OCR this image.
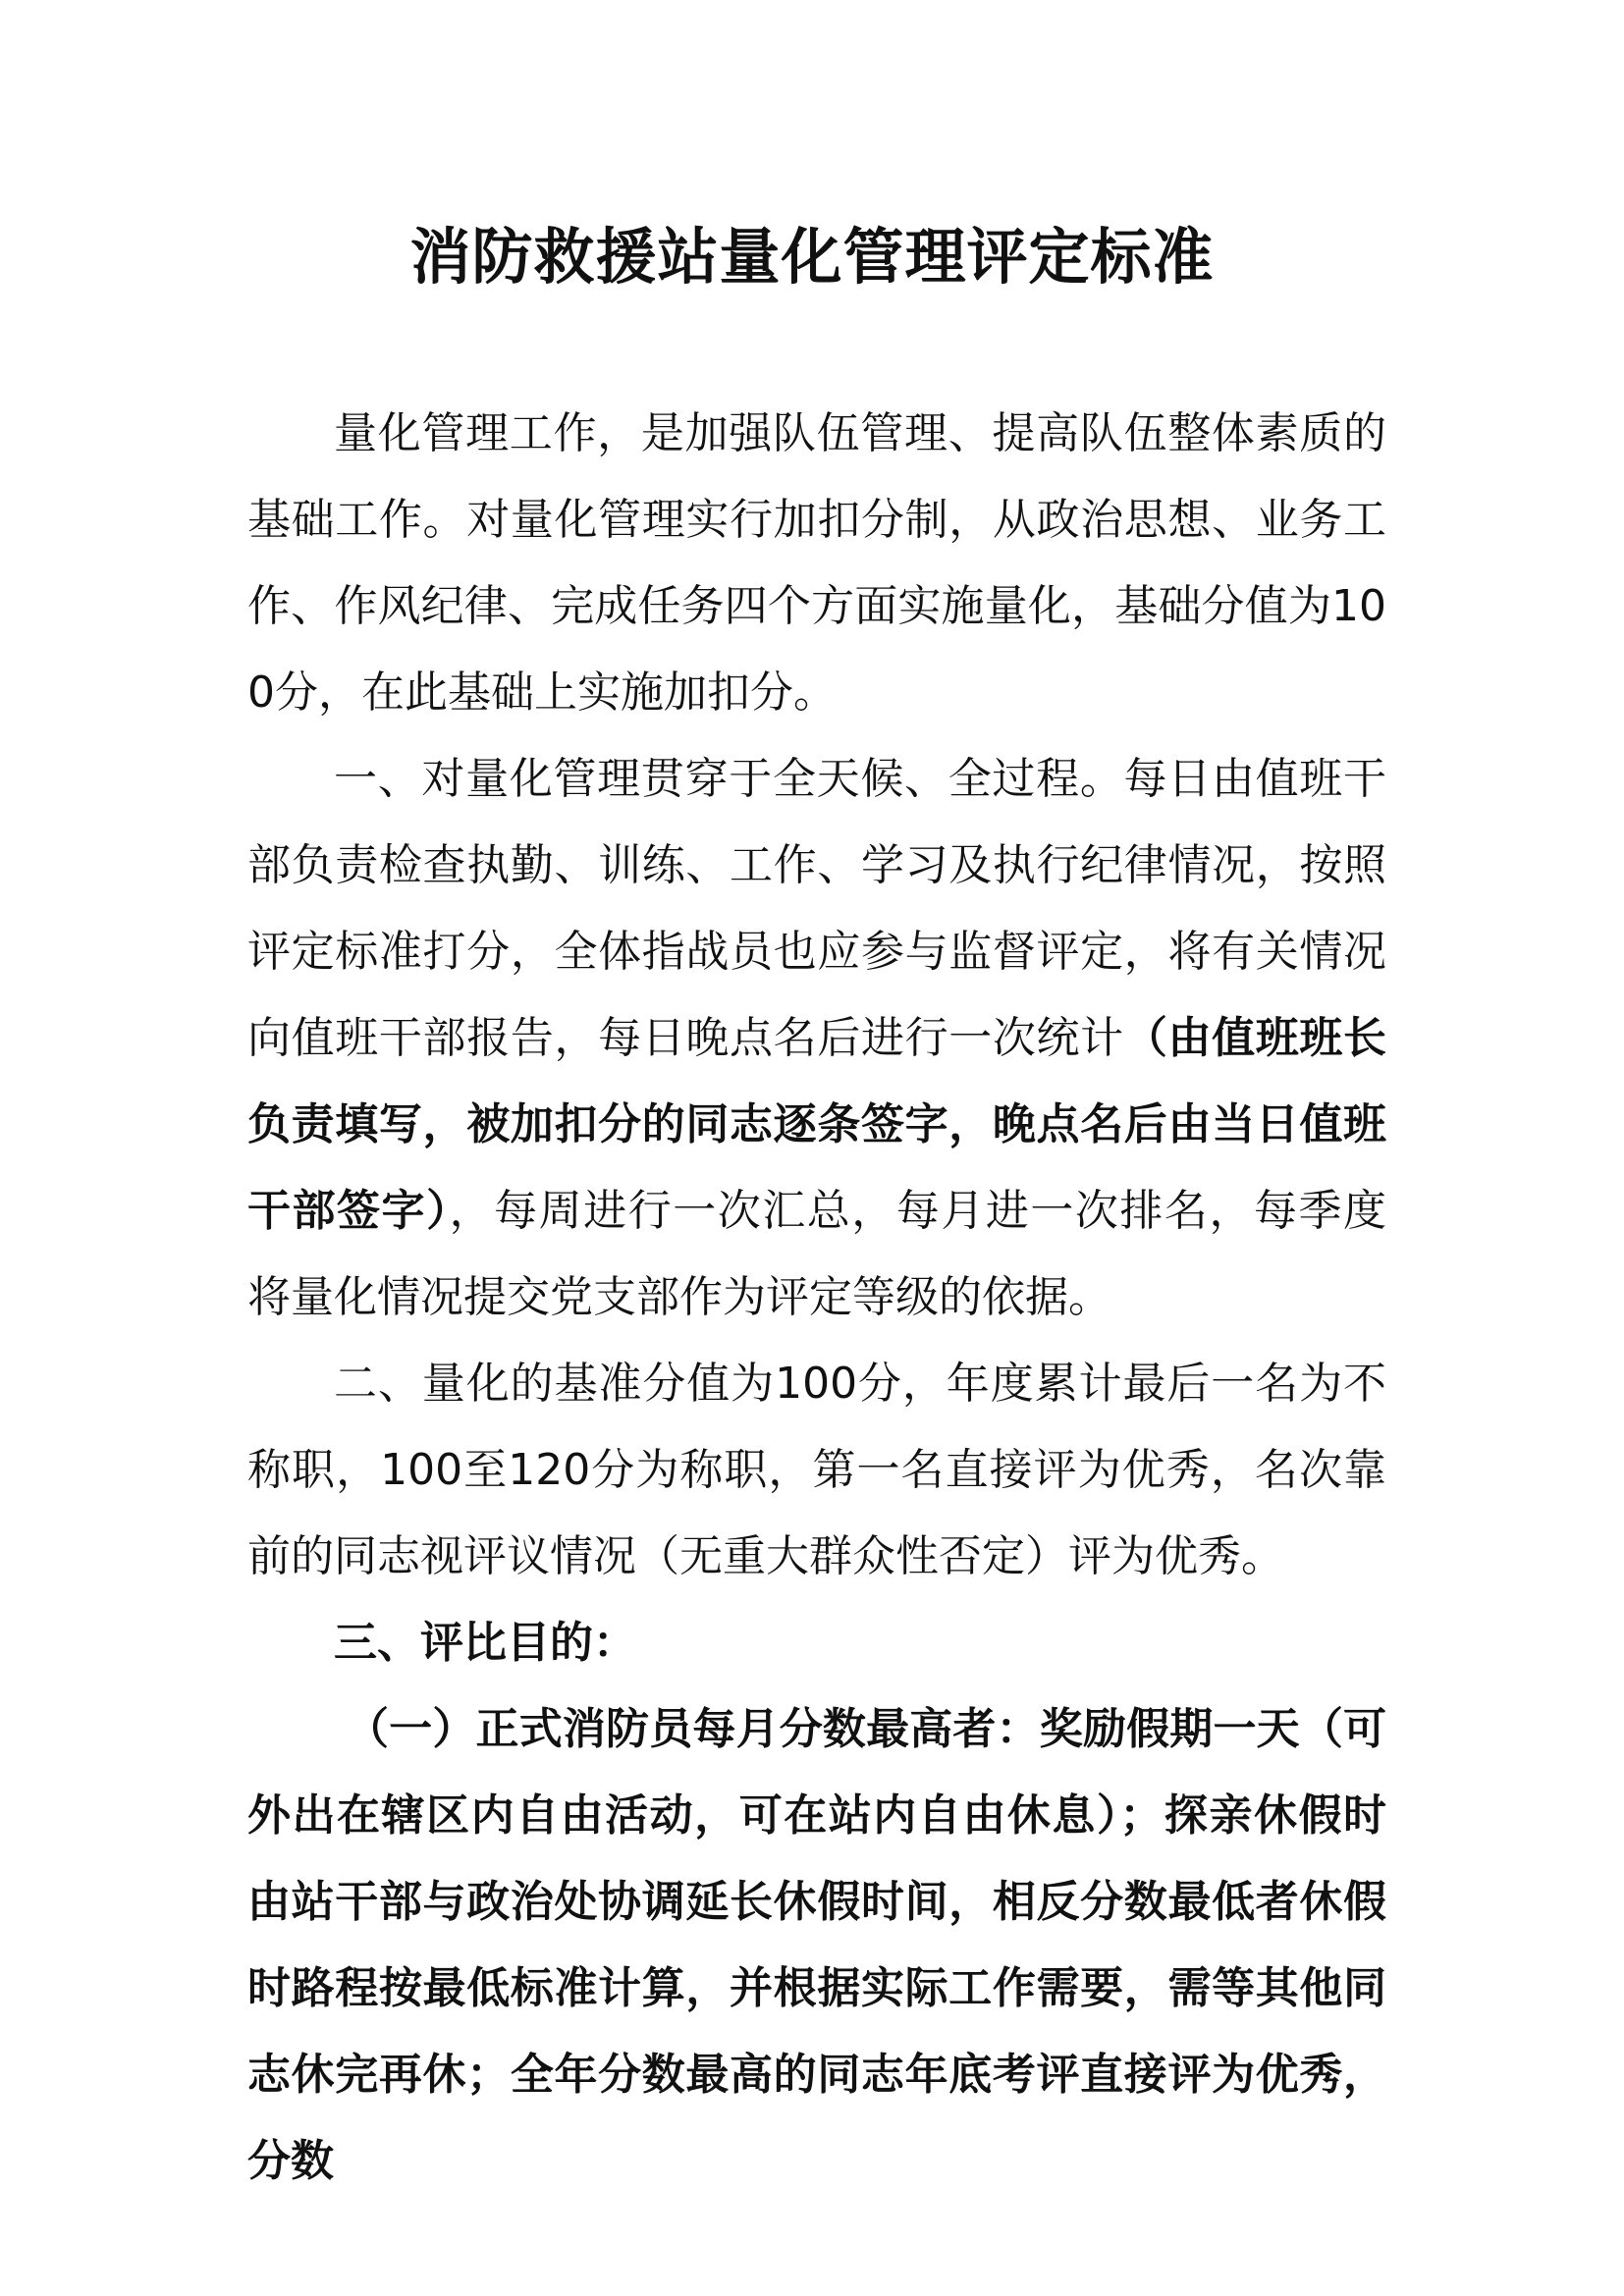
消防救援站量化管理评定标准

量化管理工作，是加强队伍管理、提高队伍整体素质的基础工作。对量化管理实行加扣分制，从政治思想、业务工作、作风纪律、完成任务四个方面实施量化，基础分值为100分，在此基础上实施加扣分。

一、对量化管理贯穿于全天候、全过程。每日由值班干部负责检查执勤、训练、工作、学习及执行纪律情况，按照评定标准打分，全体指战员也应参与监督评定，将有关情况向值班干部报告，每日晚点名后进行一次统计（由值班班长负责填写，被加扣分的同志逐条签字，晚点名后由当日值班干部签字），每周进行一次汇总，每月进一次排名，每季度将量化情况提交党支部作为评定等级的依据。

二、量化的基准分值为100分，年度累计最后一名为不称职，100至120分为称职，第一名直接评为优秀，名次靠前的同志视评议情况（无重大群众性否定）评为优秀。

三、评比目的：

（一）正式消防员每月分数最高者：奖励假期一天（可外出在辖区内自由活动，可在站内自由休息）；探亲休假时由站干部与政治处协调延长休假时间，相反分数最低者休假时路程按最低标准计算，并根据实际工作需要，需等其他同志休完再休；全年分数最高的同志年底考评直接评为优秀，分数
